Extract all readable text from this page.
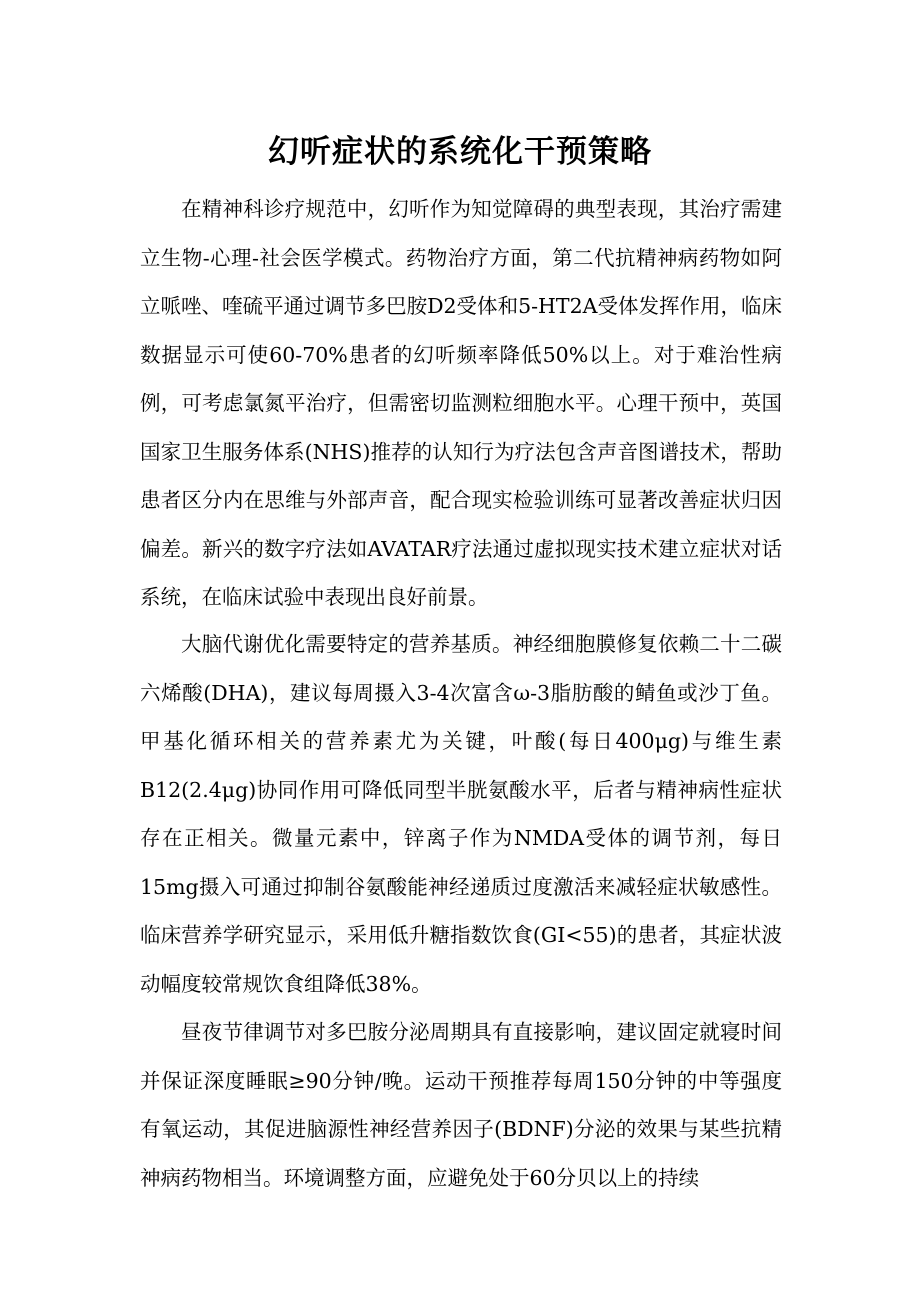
幻听症状的系统化干预策略

在精神科诊疗规范中，幻听作为知觉障碍的典型表现，其治疗需建立生物-心理-社会医学模式。药物治疗方面，第二代抗精神病药物如阿立哌唑、喹硫平通过调节多巴胺D2受体和5-HT2A受体发挥作用，临床数据显示可使60-70%患者的幻听频率降低50%以上。对于难治性病例，可考虑氯氮平治疗，但需密切监测粒细胞水平。心理干预中，英国国家卫生服务体系(NHS)推荐的认知行为疗法包含声音图谱技术，帮助患者区分内在思维与外部声音，配合现实检验训练可显著改善症状归因偏差。新兴的数字疗法如AVATAR疗法通过虚拟现实技术建立症状对话系统，在临床试验中表现出良好前景。

大脑代谢优化需要特定的营养基质。神经细胞膜修复依赖二十二碳六烯酸(DHA)，建议每周摄入3-4次富含ω-3脂肪酸的鲭鱼或沙丁鱼。甲基化循环相关的营养素尤为关键，叶酸(每日400μg)与维生素B12(2.4μg)协同作用可降低同型半胱氨酸水平，后者与精神病性症状存在正相关。微量元素中，锌离子作为NMDA受体的调节剂，每日15mg摄入可通过抑制谷氨酸能神经递质过度激活来减轻症状敏感性。临床营养学研究显示，采用低升糖指数饮食(GI<55)的患者，其症状波动幅度较常规饮食组降低38%。

昼夜节律调节对多巴胺分泌周期具有直接影响，建议固定就寝时间并保证深度睡眠≥90分钟/晚。运动干预推荐每周150分钟的中等强度有氧运动，其促进脑源性神经营养因子(BDNF)分泌的效果与某些抗精神病药物相当。环境调整方面，应避免处于60分贝以上的持续
